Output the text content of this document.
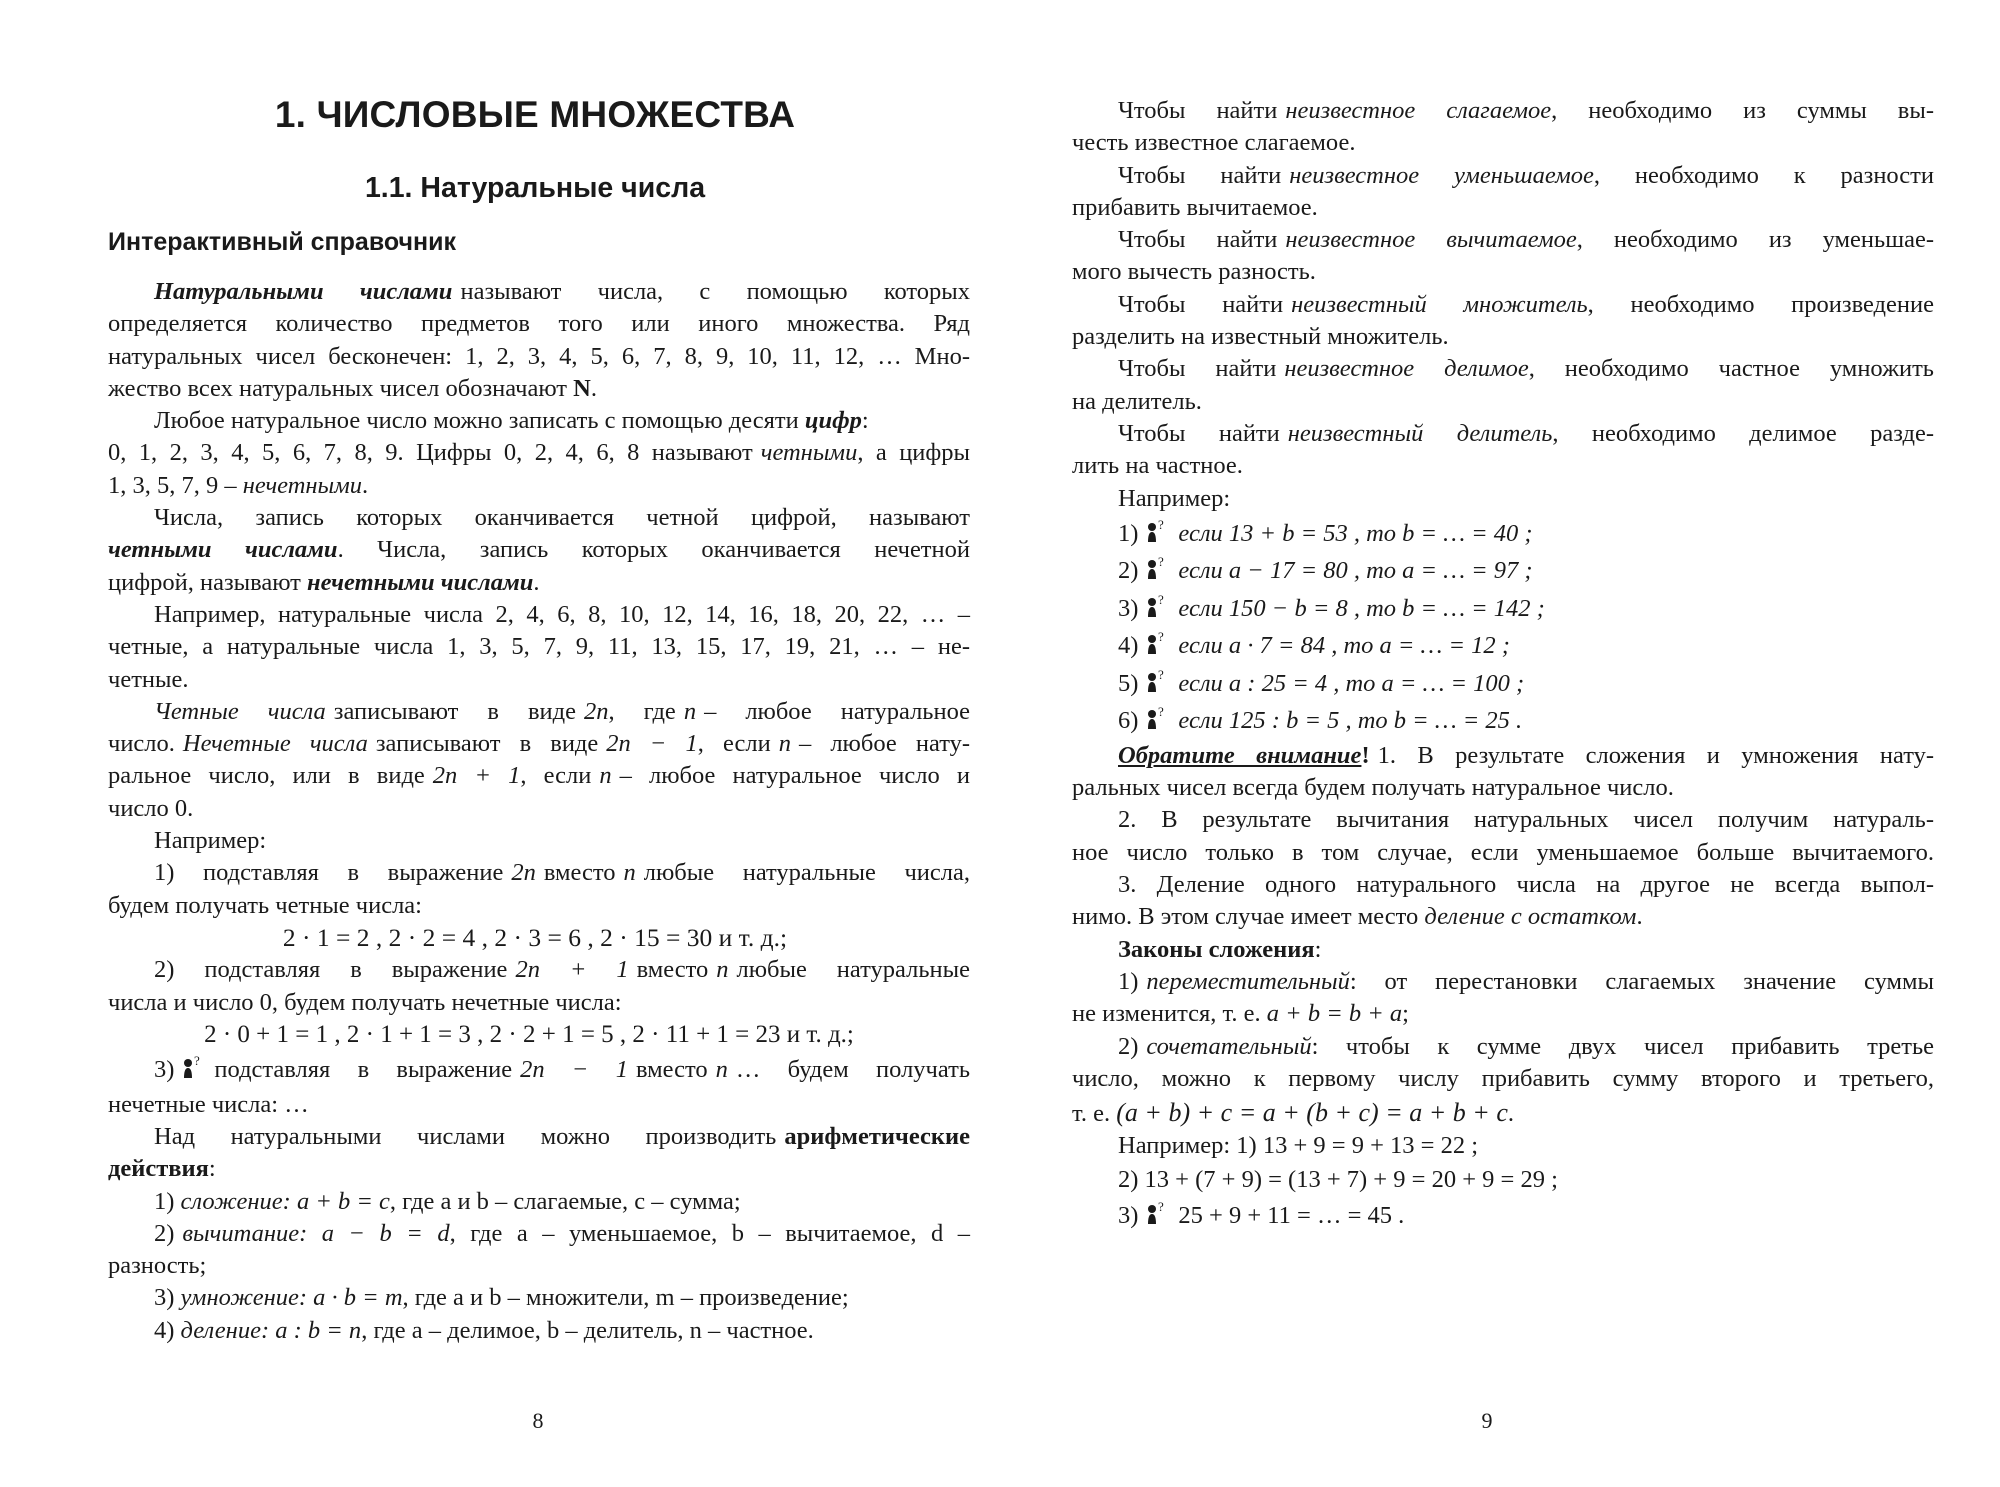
1. ЧИСЛОВЫЕ МНОЖЕСТВА
1.1. Натуральные числа
Интерактивный справочник
Натуральными числами называют числа, с помощью которых
определяется количество предметов того или иного множества. Ряд
натуральных чисел бесконечен: 1, 2, 3, 4, 5, 6, 7, 8, 9, 10, 11, 12, … Мно-
жество всех натуральных чисел обозначают N.
Любое натуральное число можно записать с помощью десяти цифр:
0, 1, 2, 3, 4, 5, 6, 7, 8, 9. Цифры 0, 2, 4, 6, 8 называют четными, а цифры
1, 3, 5, 7, 9 – нечетными.
Числа, запись которых оканчивается четной цифрой, называют
четными числами. Числа, запись которых оканчивается нечетной
цифрой, называют нечетными числами.
Например, натуральные числа 2, 4, 6, 8, 10, 12, 14, 16, 18, 20, 22, … –
четные, а натуральные числа 1, 3, 5, 7, 9, 11, 13, 15, 17, 19, 21, … – не-
четные.
Четные числа записывают в виде 2n, где n – любое натуральное
число. Нечетные числа записывают в виде 2n − 1, если n – любое нату-
ральное число, или в виде 2n + 1, если n – любое натуральное число и
число 0.
Например:
1) подставляя в выражение 2n вместо n любые натуральные числа,
будем получать четные числа:
2 · 1 = 2 , 2 · 2 = 4 , 2 · 3 = 6 , 2 · 15 = 30 и т. д.;
2) подставляя в выражение 2n + 1 вместо n любые натуральные
числа и число 0, будем получать нечетные числа:
2 · 0 + 1 = 1 , 2 · 1 + 1 = 3 , 2 · 2 + 1 = 5 , 2 · 11 + 1 = 23 и т. д.;
3) ? подставляя в выражение 2n − 1 вместо n … будем получать
нечетные числа: …
Над натуральными числами можно производить арифметические
действия:
1) сложение: a + b = c, где a и b – слагаемые, c – сумма;
2) вычитание: a − b = d, где a – уменьшаемое, b – вычитаемое, d –
разность;
3) умножение: a · b = m, где a и b – множители, m – произведение;
4) деление: a : b = n, где a – делимое, b – делитель, n – частное.
8
Чтобы найти неизвестное слагаемое, необходимо из суммы вы-
честь известное слагаемое.
Чтобы найти неизвестное уменьшаемое, необходимо к разности
прибавить вычитаемое.
Чтобы найти неизвестное вычитаемое, необходимо из уменьшае-
мого вычесть разность.
Чтобы найти неизвестный множитель, необходимо произведение
разделить на известный множитель.
Чтобы найти неизвестное делимое, необходимо частное умножить
на делитель.
Чтобы найти неизвестный делитель, необходимо делимое разде-
лить на частное.
Например:
1) ? если 13 + b = 53 , то b = … = 40 ;
2) ? если a − 17 = 80 , то a = … = 97 ;
3) ? если 150 − b = 8 , то b = … = 142 ;
4) ? если a · 7 = 84 , то a = … = 12 ;
5) ? если a : 25 = 4 , то a = … = 100 ;
6) ? если 125 : b = 5 , то b = … = 25 .
Обратите внимание! 1. В результате сложения и умножения нату-
ральных чисел всегда будем получать натуральное число.
2. В результате вычитания натуральных чисел получим натураль-
ное число только в том случае, если уменьшаемое больше вычитаемого.
3. Деление одного натурального числа на другое не всегда выпол-
нимо. В этом случае имеет место деление с остатком.
Законы сложения:
1) переместительный: от перестановки слагаемых значение суммы
не изменится, т. е. a + b = b + a;
2) сочетательный: чтобы к сумме двух чисел прибавить третье
число, можно к первому числу прибавить сумму второго и третьего,
т. е. (a + b) + c = a + (b + c) = a + b + c.
Например: 1) 13 + 9 = 9 + 13 = 22 ;
2) 13 + (7 + 9) = (13 + 7) + 9 = 20 + 9 = 29 ;
3) ? 25 + 9 + 11 = … = 45 .
9
